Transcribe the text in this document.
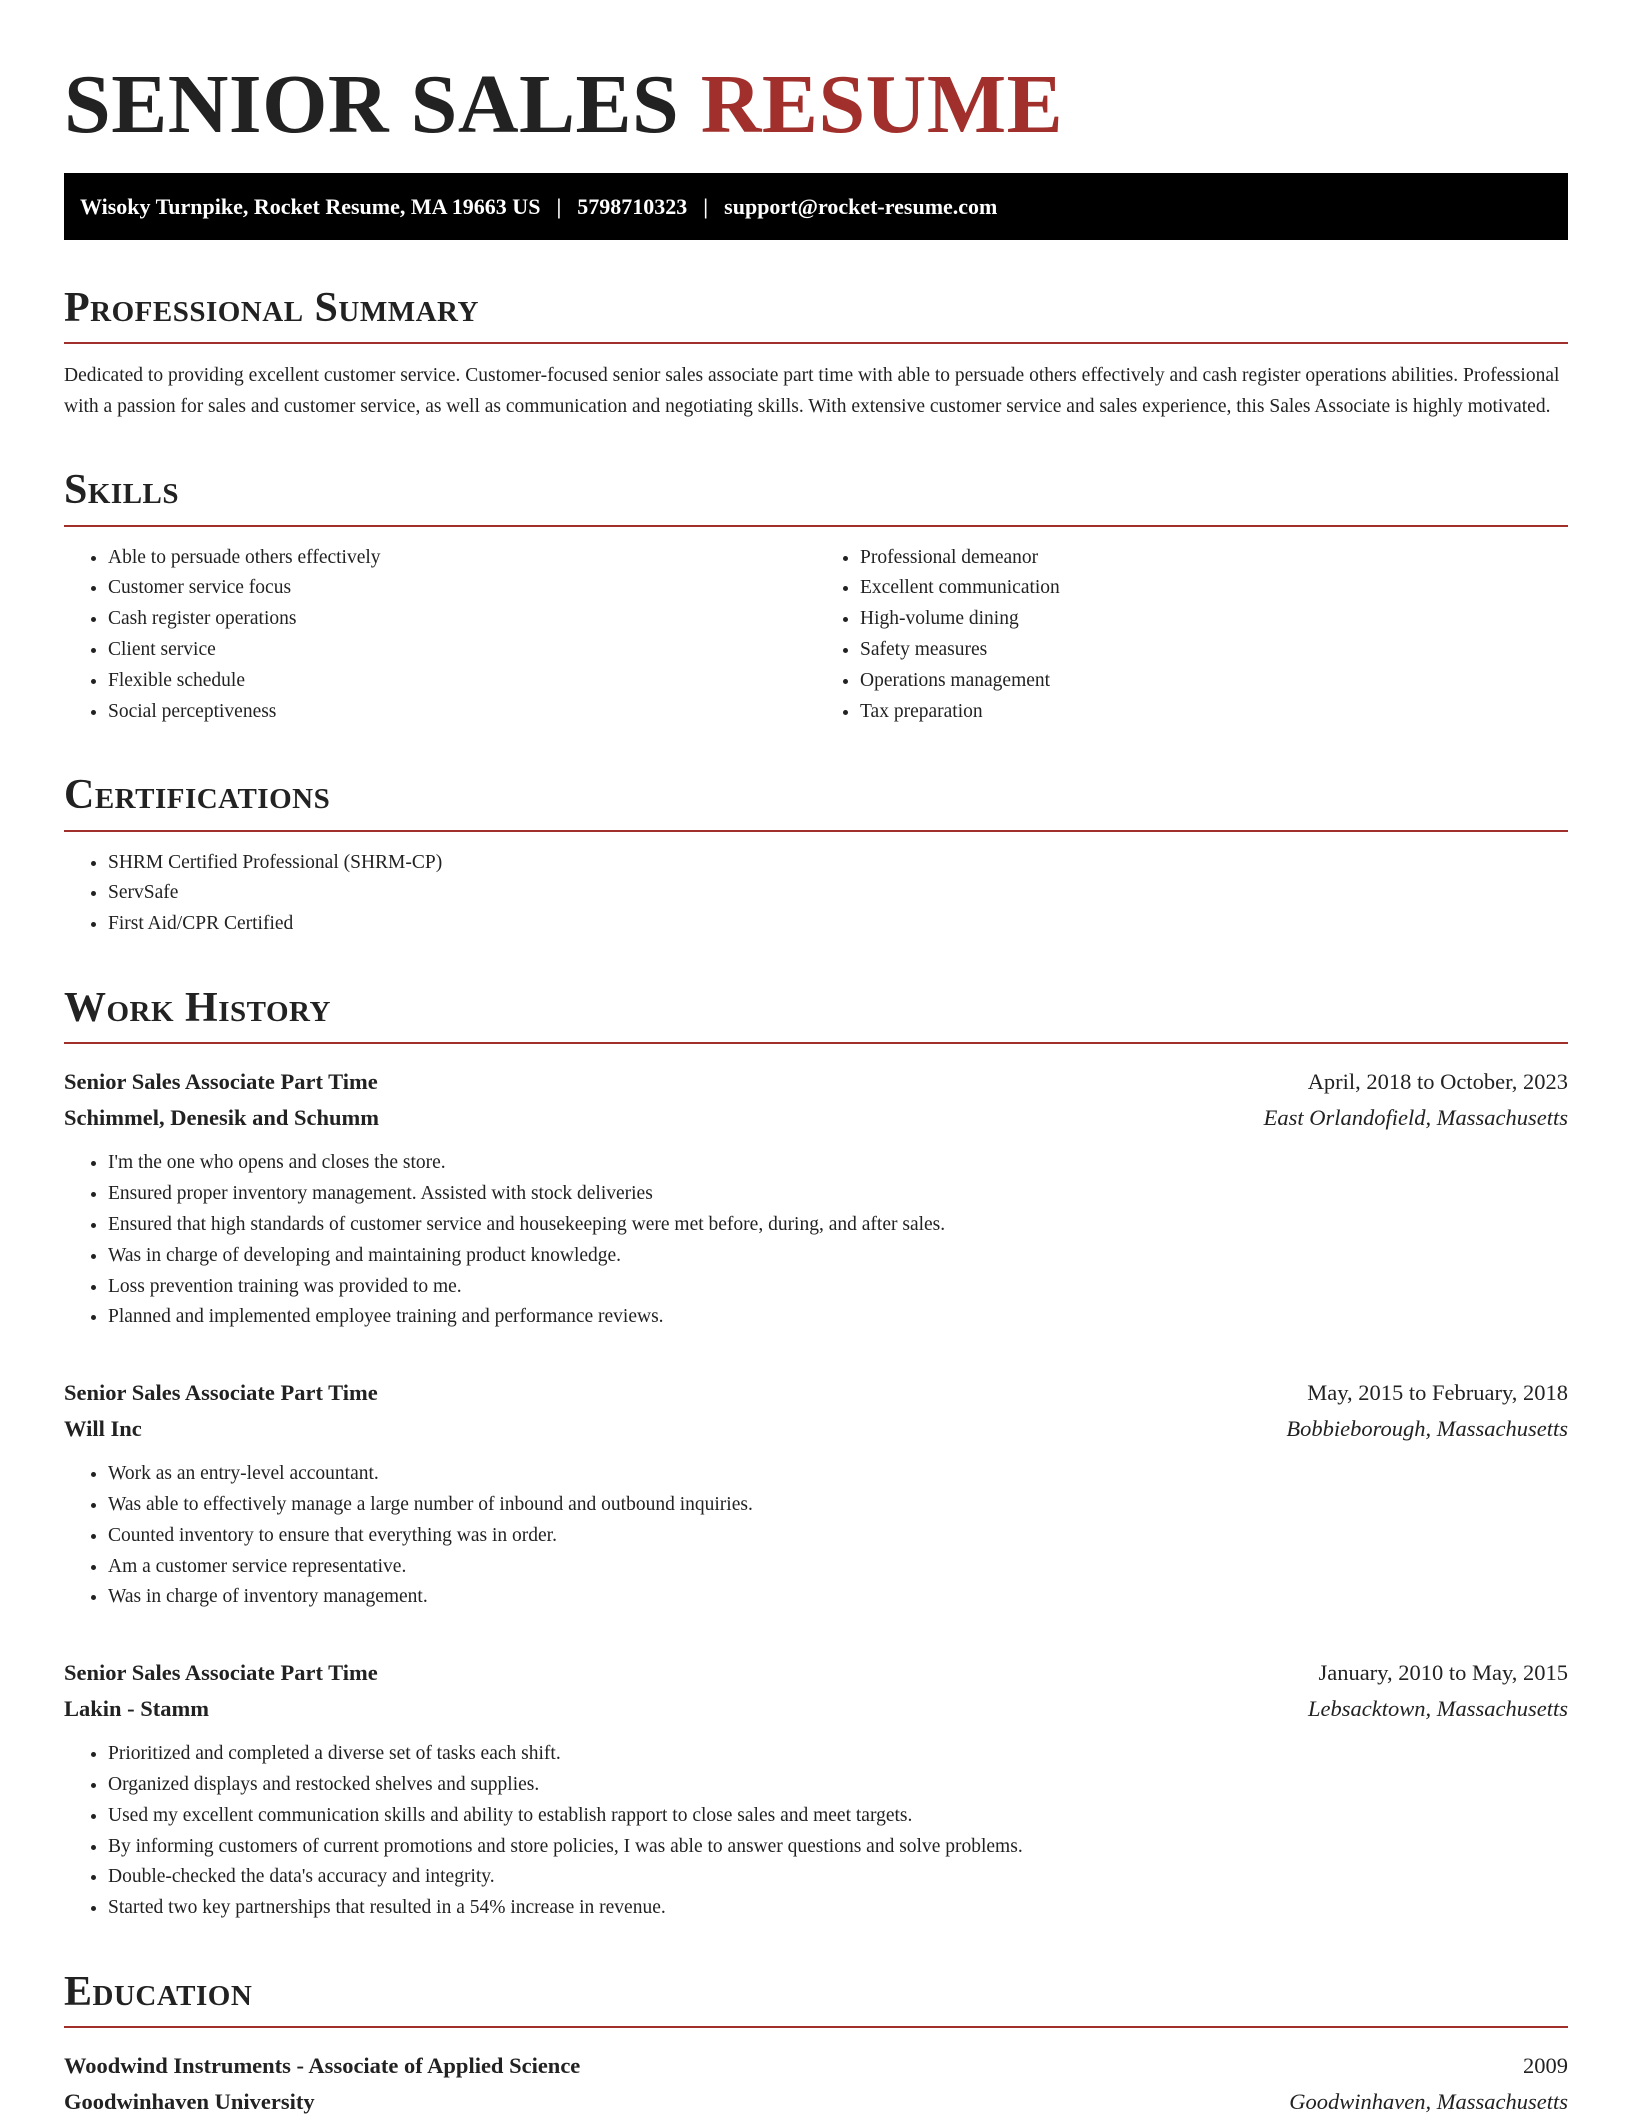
SENIOR SALES RESUME
Wisoky Turnpike, Rocket Resume, MA 19663 US | 5798710323 | support@rocket-resume.com
Professional Summary

Dedicated to providing excellent customer service. Customer-focused senior sales associate part time with able to persuade others effectively and cash register operations abilities. Professional with a passion for sales and customer service, as well as communication and negotiating skills. With extensive customer service and sales experience, this Sales Associate is highly motivated.

Skills
• Able to persuade others effectively
• Customer service focus
• Cash register operations
• Client service
• Flexible schedule
• Social perceptiveness
• Professional demeanor
• Excellent communication
• High-volume dining
• Safety measures
• Operations management
• Tax preparation
Certifications
• SHRM Certified Professional (SHRM-CP)
• ServSafe
• First Aid/CPR Certified
Work History
Senior Sales Associate Part Time	April, 2018 to October, 2023
Schimmel, Denesik and Schumm	East Orlandofield, Massachusetts
• I'm the one who opens and closes the store.
• Ensured proper inventory management. Assisted with stock deliveries
• Ensured that high standards of customer service and housekeeping were met before, during, and after sales.
• Was in charge of developing and maintaining product knowledge.
• Loss prevention training was provided to me.
• Planned and implemented employee training and performance reviews.
Senior Sales Associate Part Time	May, 2015 to February, 2018
Will Inc	Bobbieborough, Massachusetts
• Work as an entry-level accountant.
• Was able to effectively manage a large number of inbound and outbound inquiries.
• Counted inventory to ensure that everything was in order.
• Am a customer service representative.
• Was in charge of inventory management.
Senior Sales Associate Part Time	January, 2010 to May, 2015
Lakin - Stamm	Lebsacktown, Massachusetts
• Prioritized and completed a diverse set of tasks each shift.
• Organized displays and restocked shelves and supplies.
• Used my excellent communication skills and ability to establish rapport to close sales and meet targets.
• By informing customers of current promotions and store policies, I was able to answer questions and solve problems.
• Double-checked the data's accuracy and integrity.
• Started two key partnerships that resulted in a 54% increase in revenue.
Education
Woodwind Instruments - Associate of Applied Science	2009
Goodwinhaven University	Goodwinhaven, Massachusetts
